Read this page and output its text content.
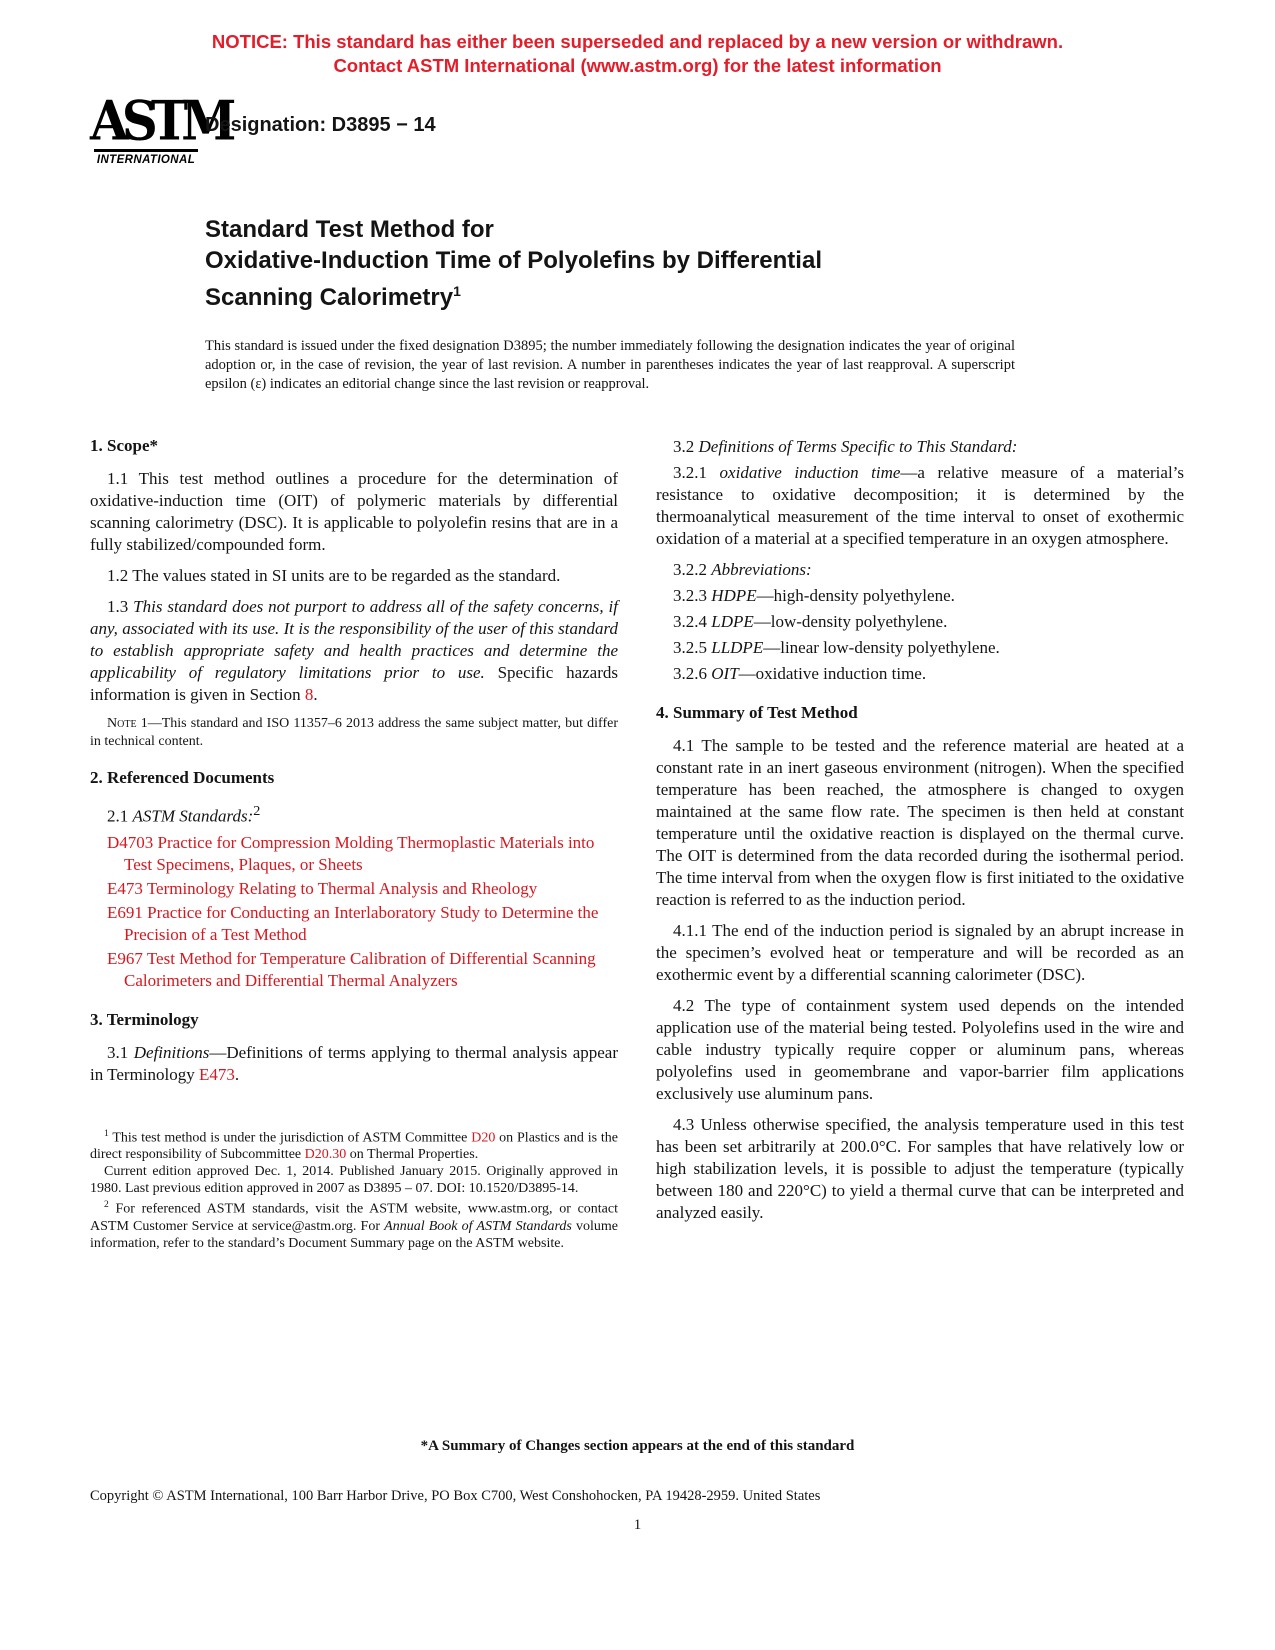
NOTICE: This standard has either been superseded and replaced by a new version or withdrawn.
Contact ASTM International (www.astm.org) for the latest information
ASTM
INTERNATIONAL
Designation: D3895 − 14
Standard Test Method for
Oxidative-Induction Time of Polyolefins by Differential
Scanning Calorimetry$^1$

This standard is issued under the fixed designation D3895; the number immediately following the designation indicates the year of original adoption or, in the case of revision, the year of last revision. A number in parentheses indicates the year of last reapproval. A superscript epsilon (ε) indicates an editorial change since the last revision or reapproval.

1. Scope*

1.1 This test method outlines a procedure for the determination of oxidative-induction time (OIT) of polymeric materials by differential scanning calorimetry (DSC). It is applicable to polyolefin resins that are in a fully stabilized/compounded form.

1.2 The values stated in SI units are to be regarded as the standard.

1.3 This standard does not purport to address all of the safety concerns, if any, associated with its use. It is the responsibility of the user of this standard to establish appropriate safety and health practices and determine the applicability of regulatory limitations prior to use. Specific hazards information is given in Section 8.

Note 1—This standard and ISO 11357–6 2013 address the same subject matter, but differ in technical content.

2. Referenced Documents

2.1 ASTM Standards:$^2$

D4703 Practice for Compression Molding Thermoplastic Materials into Test Specimens, Plaques, or Sheets

E473 Terminology Relating to Thermal Analysis and Rheology

E691 Practice for Conducting an Interlaboratory Study to Determine the Precision of a Test Method

E967 Test Method for Temperature Calibration of Differential Scanning Calorimeters and Differential Thermal Analyzers

3. Terminology

3.1 Definitions—Definitions of terms applying to thermal analysis appear in Terminology E473.

$^1$ This test method is under the jurisdiction of ASTM Committee D20 on Plastics and is the direct responsibility of Subcommittee D20.30 on Thermal Properties.

Current edition approved Dec. 1, 2014. Published January 2015. Originally approved in 1980. Last previous edition approved in 2007 as D3895 – 07. DOI: 10.1520/D3895-14.

$^2$ For referenced ASTM standards, visit the ASTM website, www.astm.org, or contact ASTM Customer Service at service@astm.org. For Annual Book of ASTM Standards volume information, refer to the standard’s Document Summary page on the ASTM website.

3.2 Definitions of Terms Specific to This Standard:

3.2.1 oxidative induction time—a relative measure of a material’s resistance to oxidative decomposition; it is determined by the thermoanalytical measurement of the time interval to onset of exothermic oxidation of a material at a specified temperature in an oxygen atmosphere.

3.2.2 Abbreviations:

3.2.3 HDPE—high-density polyethylene.

3.2.4 LDPE—low-density polyethylene.

3.2.5 LLDPE—linear low-density polyethylene.

3.2.6 OIT—oxidative induction time.

4. Summary of Test Method

4.1 The sample to be tested and the reference material are heated at a constant rate in an inert gaseous environment (nitrogen). When the specified temperature has been reached, the atmosphere is changed to oxygen maintained at the same flow rate. The specimen is then held at constant temperature until the oxidative reaction is displayed on the thermal curve. The OIT is determined from the data recorded during the isothermal period. The time interval from when the oxygen flow is first initiated to the oxidative reaction is referred to as the induction period.

4.1.1 The end of the induction period is signaled by an abrupt increase in the specimen’s evolved heat or temperature and will be recorded as an exothermic event by a differential scanning calorimeter (DSC).

4.2 The type of containment system used depends on the intended application use of the material being tested. Polyolefins used in the wire and cable industry typically require copper or aluminum pans, whereas polyolefins used in geomembrane and vapor-barrier film applications exclusively use aluminum pans.

4.3 Unless otherwise specified, the analysis temperature used in this test has been set arbitrarily at 200.0°C. For samples that have relatively low or high stabilization levels, it is possible to adjust the temperature (typically between 180 and 220°C) to yield a thermal curve that can be interpreted and analyzed easily.

*A Summary of Changes section appears at the end of this standard
Copyright © ASTM International, 100 Barr Harbor Drive, PO Box C700, West Conshohocken, PA 19428-2959. United States
1
